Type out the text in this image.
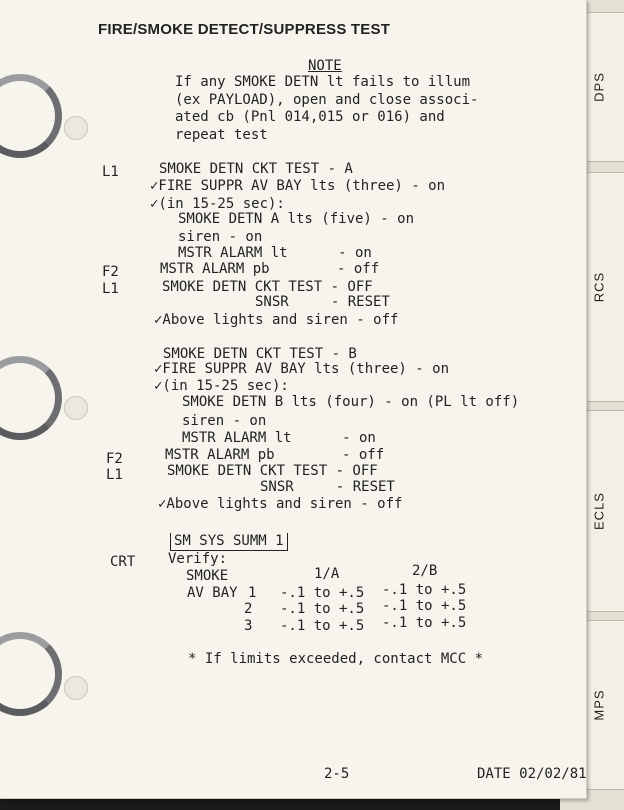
DPS
RCS
ECLS
MPS
FIRE/SMOKE DETECT/SUPPRESS TEST
NOTE
If any SMOKE DETN lt fails to illum
(ex PAYLOAD), open and close associ-
ated cb (Pnl 014,015 or 016) and
repeat test
L1	SMOKE DETN CKT TEST - A
✓FIRE SUPPR AV BAY lts (three) - on
✓(in 15-25 sec):
SMOKE DETN A lts (five) - on
siren - on
MSTR ALARM lt      - on
F2	MSTR ALARM pb        - off
L1	SMOKE DETN CKT TEST - OFF
SNSR     - RESET
✓Above lights and siren - off
SMOKE DETN CKT TEST - B
✓FIRE SUPPR AV BAY lts (three) - on
✓(in 15-25 sec):
SMOKE DETN B lts (four) - on (PL lt off)
siren - on
MSTR ALARM lt      - on
F2	MSTR ALARM pb        - off
L1	SMOKE DETN CKT TEST - OFF
SNSR     - RESET
✓Above lights and siren - off
SM SYS SUMM 1
CRT Verify:
SMOKE	1/A	2/B
AV BAY 1 -.1 to +.5 -.1 to +.5
2 -.1 to +.5 -.1 to +.5
3 -.1 to +.5 -.1 to +.5
* If limits exceeded, contact MCC *
2-5	DATE 02/02/81
